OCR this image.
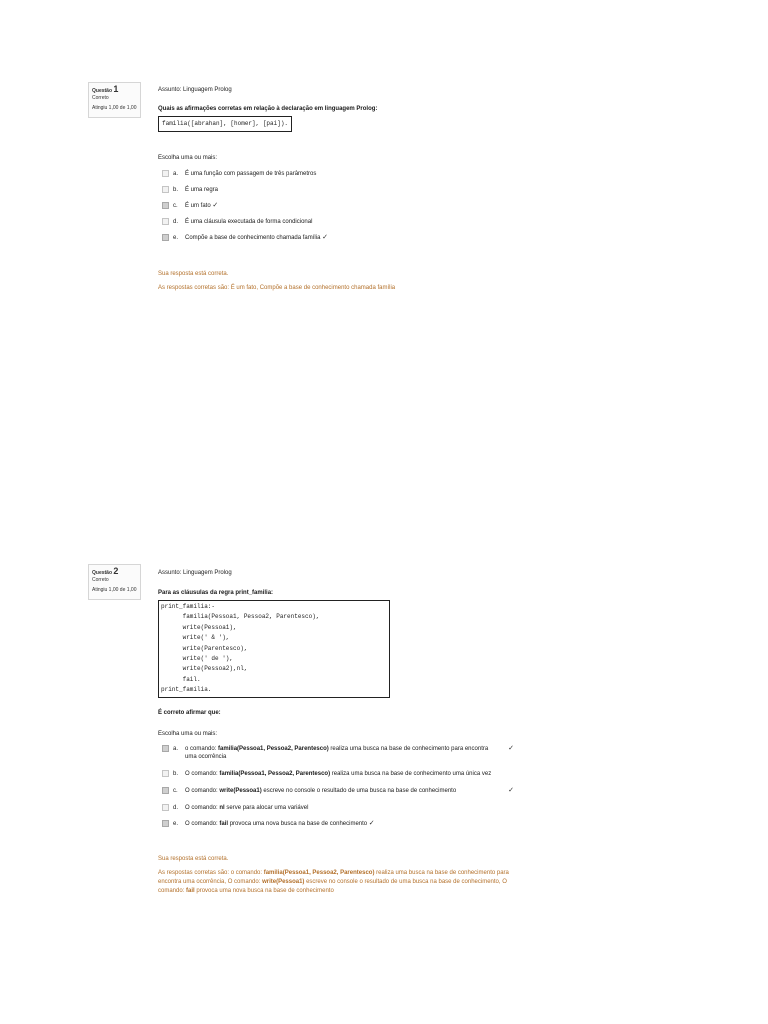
Questão 1
Correto
Atingiu 1,00 de 1,00
Assunto: Linguagem Prolog
Quais as afirmações corretas em relação à declaração em linguagem Prolog:
familia([abrahan], [homer], [pai]).
Escolha uma ou mais:
a. É uma função com passagem de três parâmetros
b. É uma regra
c. É um fato ✓
d. É uma cláusula executada de forma condicional
e. Compõe a base de conhecimento chamada família ✓
Sua resposta está correta.
As respostas corretas são: É um fato, Compõe a base de conhecimento chamada família
Questão 2
Correto
Atingiu 1,00 de 1,00
Assunto: Linguagem Prolog
Para as cláusulas da regra print_familia:
print_familia:-
familia(Pessoa1, Pessoa2, Parentesco),
write(Pessoa1),
write(' & '),
write(Parentesco),
write(' de '),
write(Pessoa2),nl,
fail.
print_familia.
É correto afirmar que:
Escolha uma ou mais:
a. o comando: familia(Pessoa1, Pessoa2, Parentesco) realiza uma busca na base de conhecimento para encontra uma ocorrência
✓
b. O comando: familia(Pessoa1, Pessoa2, Parentesco) realiza uma busca na base de conhecimento uma única vez
c. O comando: write(Pessoa1) escreve no console o resultado de uma busca na base de conhecimento	✓
d. O comando: nl serve para alocar uma variável
e. O comando: fail provoca uma nova busca na base de conhecimento ✓
Sua resposta está correta.
As respostas corretas são: o comando: familia(Pessoa1, Pessoa2, Parentesco) realiza uma busca na base de conhecimento para encontra uma ocorrência, O comando: write(Pessoa1) escreve no console o resultado de uma busca na base de conhecimento, O comando: fail provoca uma nova busca na base de conhecimento
